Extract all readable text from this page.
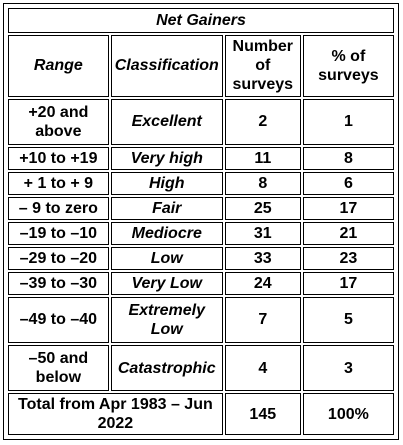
Net Gainers			
Range	Classification	Number of surveys	% of surveys
+20 and above	Excellent	2	1
+10 to +19	Very high	11	8
+ 1 to + 9	High	8	6
– 9 to zero	Fair	25	17
–19 to –10	Mediocre	31	21
–29 to –20	Low	33	23
–39 to –30	Very Low	24	17
–49 to –40	Extremely Low	7	5
–50 and below	Catastrophic	4	3
Total from Apr 1983 – Jun 2022		145	100%
